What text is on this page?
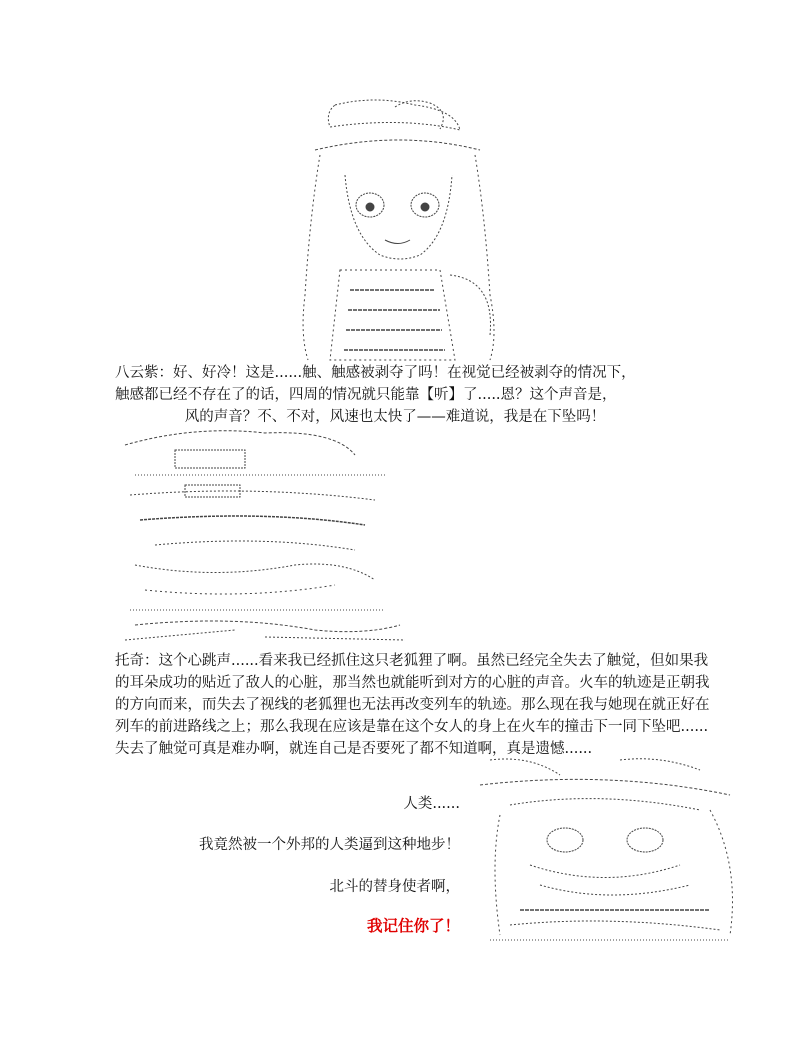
八云紫：好、好冷！这是......触、触感被剥夺了吗！在视觉已经被剥夺的情况下，
触感都已经不存在了的话，四周的情况就只能靠【听】了.....恩？这个声音是，
风的声音？不、不对，风速也太快了——难道说，我是在下坠吗！
托奇：这个心跳声......看来我已经抓住这只老狐狸了啊。虽然已经完全失去了触觉，但如果我
的耳朵成功的贴近了敌人的心脏，那当然也就能听到对方的心脏的声音。火车的轨迹是正朝我
的方向而来，而失去了视线的老狐狸也无法再改变列车的轨迹。那么现在我与她现在就正好在
列车的前进路线之上；那么我现在应该是靠在这个女人的身上在火车的撞击下一同下坠吧......
失去了触觉可真是难办啊，就连自己是否要死了都不知道啊，真是遗憾......
人类......
我竟然被一个外邦的人类逼到这种地步！
北斗的替身使者啊，
我记住你了！
